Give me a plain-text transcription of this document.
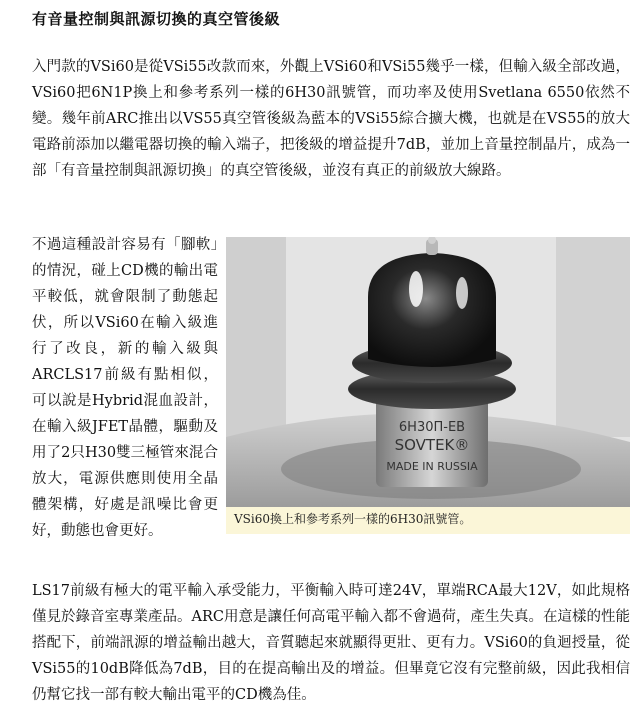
有音量控制與訊源切換的真空管後級
入門款的VSi60是從VSi55改款而來，外觀上VSi60和VSi55幾乎一樣，但輸入級全部改過，VSi60把6N1P換上和參考系列一樣的6H30訊號管，而功率及使用Svetlana 6550依然不變。幾年前ARC推出以VS55真空管後級為藍本的VSi55綜合擴大機，也就是在VS55的放大電路前添加以繼電器切換的輸入端子，把後級的增益提升7dB，並加上音量控制晶片，成為一部「有音量控制與訊源切換」的真空管後級，並沒有真正的前級放大線路。
不過這種設計容易有「腳軟」的情況，碰上CD機的輸出電平較低，就會限制了動態起伏，所以VSi60在輸入級進行了改良，新的輸入級與ARCLS17前級有點相似，可以說是Hybrid混血設計，在輸入級JFET晶體，驅動及用了2只H30雙三極管來混合放大，電源供應則使用全晶體架構，好處是訊噪比會更好，動態也會更好。
6H30П-EB
SOVTEK®
MADE IN RUSSIA
VSi60換上和參考系列一樣的6H30訊號管。
LS17前級有極大的電平輸入承受能力，平衡輸入時可達24V，單端RCA最大12V，如此規格僅見於錄音室專業產品。ARC用意是讓任何高電平輸入都不會過荷，產生失真。在這樣的性能搭配下，前端訊源的增益輸出越大，音質聽起來就顯得更壯、更有力。VSi60的負迴授量，從VSi55的10dB降低為7dB，目的在提高輸出及的增益。但畢竟它沒有完整前級，因此我相信仍幫它找一部有較大輸出電平的CD機為佳。
